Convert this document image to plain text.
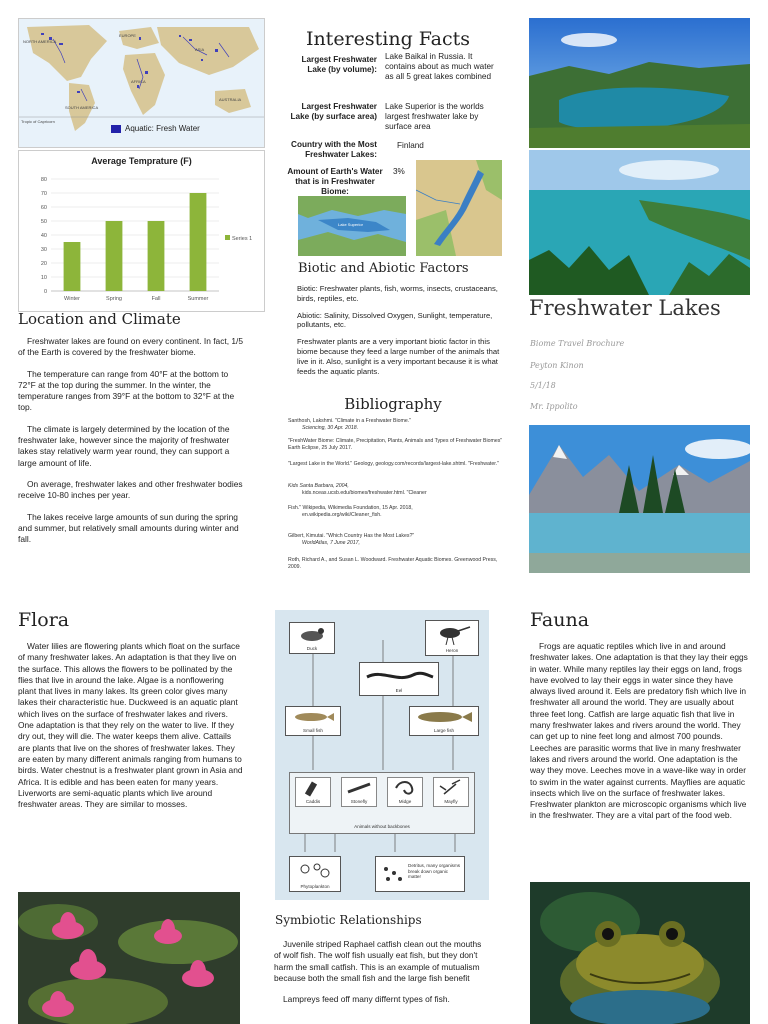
NORTH AMERICA
EUROPE
ASIA
AFRICA
SOUTH AMERICA
AUSTRALIA
Tropic of Capricorn
Aquatic: Fresh Water
Average Temprature (F)
0
10
20
30
40
50
60
70
80
Winter	Spring	Fall	Summer
Series 1
Location and Climate

Freshwater lakes are found on every continent. In fact, 1/5 of the Earth is covered by the freshwater biome.

The temperature can range from 40°F at the bottom to 72°F at the top during the summer. In the winter, the temperature ranges from 39°F at the bottom to 32°F at the top.

The climate is largely determined by the location of the freshwater lake, however since the majority of freshwater lakes stay relatively warm year round, they can support a large amount of life.

On average, freshwater lakes and other freshwater bodies receive 10-80 inches per year.

The lakes receive large amounts of sun during the spring and summer, but relatively small amounts during winter and fall.

Interesting Facts
Largest Freshwater Lake (by volume):
Lake Baikal in Russia. It contains about as much water as all 5 great lakes combined
Largest Freshwater Lake (by surface area)
Lake Superior is the worlds largest freshwater lake by surface area
Country with the Most Freshwater Lakes:
Finland
Amount of Earth's Water that is in Freshwater Biome:
3%
Lake Superior
Biotic and Abiotic Factors

Biotic: Freshwater plants, fish, worms, insects, crustaceans, birds, reptiles, etc.

Abiotic: Salinity, Dissolved Oxygen, Sunlight, temperature, pollutants, etc.

Freshwater plants are a very important biotic factor in this biome because they feed a large number of the animals that live in it. Also, sunlight is a very important because it is what feeds the aquatic plants.

Bibliography
Santhosh, Lakshmi. "Climate in a Freshwater Biome."
Sciencing, 30 Apr. 2018.
"FreshWater Biome: Climate, Precipitation, Plants, Animals and Types of Freshwater Biomes" Earth Eclipse, 25 July 2017.
"Largest Lake in the World." Geology, geology.com/records/largest-lake.shtml. "Freshwater."
Kids Santa Barbara, 2004,
kids.nceas.ucsb.edu/biomes/freshwater.html. "Cleaner
Fish." Wikipedia, Wikimedia Foundation, 15 Apr. 2018,
en.wikipedia.org/wiki/Cleaner_fish.
Gilbert, Kimutai. "Which Country Has the Most Lakes?"
WorldAtlas, 7 June 2017,
Roth, Richard A., and Susan L. Woodward. Freshwater Aquatic Biomes. Greenwood Press, 2009.
Freshwater Lakes
Biome Travel Brochure
Peyton Kinon
5/1/18
Mr. Ippolito
Flora

Water lilies are flowering plants which float on the surface of many freshwater lakes. An adaptation is that they live on the surface. This allows the flowers to be pollinated by the flies that live in around the lake. Algae is a nonflowering plant that lives in many lakes. Its green color gives many lakes their characteristic hue. Duckweed is an aquatic plant which lives on the surface of freshwater lakes and rivers. One adaptation is that they rely on the water to live. If they dry out, they will die. The water keeps them alive. Cattails are plants that live on the shores of freshwater lakes. They are eaten by many different animals ranging from humans to birds. Water chestnut is a freshwater plant grown in Asia and Africa. It is edible and has been eaten for many years. Liverworts are semi-aquatic plants which live around freshwater areas. They are similar to mosses.

Duck	Heron
Eel
Small fish	Large fish
Caddis	Stonefly	Midge	Mayfly
Animals without backbones
Phytoplankton
Detritus, many organisms break down organic matter
Symbiotic Relationships

Juvenile striped Raphael catfish clean out the mouths of wolf fish. The wolf fish usually eat fish, but they don't harm the small catfish. This is an example of mutualism because both the small fish and the large fish benefit

Lampreys feed off many differnt types of fish.

Fauna

Frogs are aquatic reptiles which live in and around freshwater lakes. One adaptation is that they lay their eggs in water. While many reptiles lay their eggs on land, frogs have evolved to lay their eggs in water since they have always lived around it. Eels are predatory fish which live in freshwater all around the world. They are usually about three feet long. Catfish are large aquatic fish that live in many freshwater lakes and rivers around the world. They can get up to nine feet long and almost 700 pounds. Leeches are parasitic worms that live in many freshwater lakes and rivers around the world. One adaptation is the way they move. Leeches move in a wave-like way in order to swim in the water against currents. Mayflies are aquatic insects which live on the surface of freshwater lakes. Freshwater plankton are microscopic organisms which live in the freshwater. They are a vital part of the food web.
